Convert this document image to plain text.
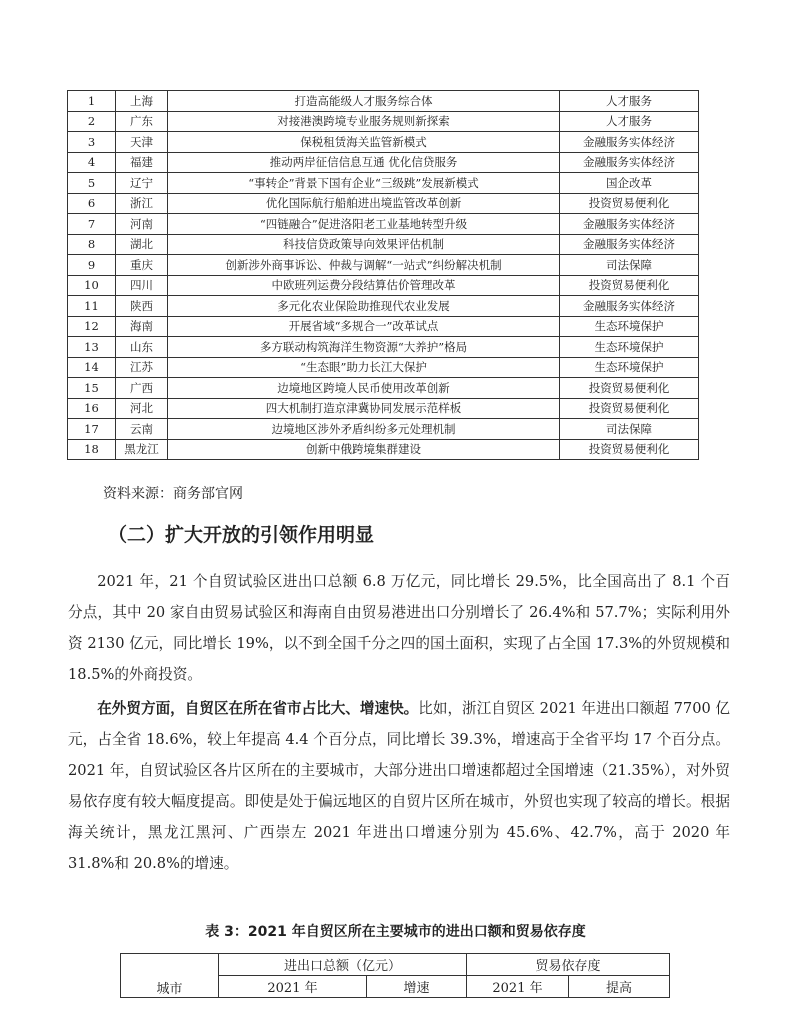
1	上海	打造高能级人才服务综合体	人才服务
2	广东	对接港澳跨境专业服务规则新探索	人才服务
3	天津	保税租赁海关监管新模式	金融服务实体经济
4	福建	推动两岸征信信息互通 优化信贷服务	金融服务实体经济
5	辽宁	“事转企”背景下国有企业“三级跳”发展新模式	国企改革
6	浙江	优化国际航行船舶进出境监管改革创新	投资贸易便利化
7	河南	“四链融合”促进洛阳老工业基地转型升级	金融服务实体经济
8	湖北	科技信贷政策导向效果评估机制	金融服务实体经济
9	重庆	创新涉外商事诉讼、仲裁与调解“一站式”纠纷解决机制	司法保障
10	四川	中欧班列运费分段结算估价管理改革	投资贸易便利化
11	陕西	多元化农业保险助推现代农业发展	金融服务实体经济
12	海南	开展省域“多规合一”改革试点	生态环境保护
13	山东	多方联动构筑海洋生物资源“大养护”格局	生态环境保护
14	江苏	“生态眼”助力长江大保护	生态环境保护
15	广西	边境地区跨境人民币使用改革创新	投资贸易便利化
16	河北	四大机制打造京津冀协同发展示范样板	投资贸易便利化
17	云南	边境地区涉外矛盾纠纷多元处理机制	司法保障
18	黑龙江	创新中俄跨境集群建设	投资贸易便利化
资料来源：商务部官网
（二）扩大开放的引领作用明显

2021 年，21 个自贸试验区进出口总额 6.8 万亿元，同比增长 29.5%，比全国高出了 8.1 个百分点，其中 20 家自由贸易试验区和海南自由贸易港进出口分别增长了 26.4%和 57.7%；实际利用外资 2130 亿元，同比增长 19%，以不到全国千分之四的国土面积，实现了占全国 17.3%的外贸规模和 18.5%的外商投资。

在外贸方面，自贸区在所在省市占比大、增速快。比如，浙江自贸区 2021 年进出口额超 7700 亿元，占全省 18.6%，较上年提高 4.4 个百分点，同比增长 39.3%，增速高于全省平均 17 个百分点。2021 年，自贸试验区各片区所在的主要城市，大部分进出口增速都超过全国增速（21.35%），对外贸易依存度有较大幅度提高。即使是处于偏远地区的自贸片区所在城市，外贸也实现了较高的增长。根据海关统计，黑龙江黑河、广西崇左 2021 年进出口增速分别为 45.6%、42.7%，高于 2020 年 31.8%和 20.8%的增速。

表 3：2021 年自贸区所在主要城市的进出口额和贸易依存度
城市	进出口总额（亿元）		贸易依存度	
	2021 年	增速	2021 年	提高
